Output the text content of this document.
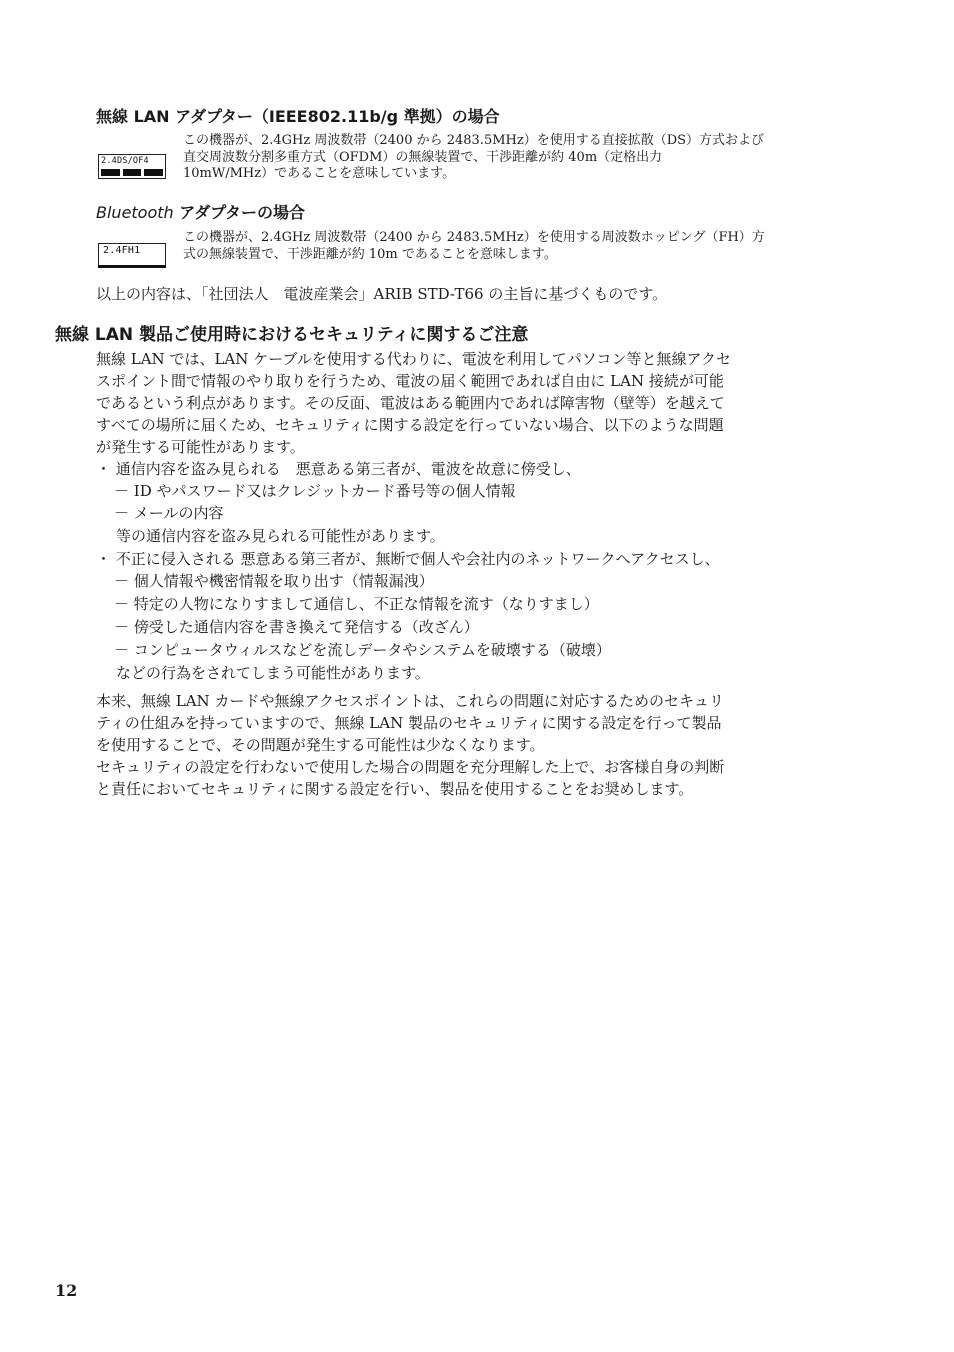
無線 LAN アダプター（IEEE802.11b/g 準拠）の場合
2.4DS/OF4
この機器が、2.4GHz 周波数帯（2400 から 2483.5MHz）を使用する直接拡散（DS）方式および
直交周波数分割多重方式（OFDM）の無線装置で、干渉距離が約 40m（定格出力
10mW/MHz）であることを意味しています。
Bluetooth アダプターの場合
2.4FH1
この機器が、2.4GHz 周波数帯（2400 から 2483.5MHz）を使用する周波数ホッピング（FH）方
式の無線装置で、干渉距離が約 10m であることを意味します。
以上の内容は、「社団法人　電波産業会」ARIB STD-T66 の主旨に基づくものです。
無線 LAN 製品ご使用時におけるセキュリティに関するご注意
無線 LAN では、LAN ケーブルを使用する代わりに、電波を利用してパソコン等と無線アクセ
スポイント間で情報のやり取りを行うため、電波の届く範囲であれば自由に LAN 接続が可能
であるという利点があります。その反面、電波はある範囲内であれば障害物（壁等）を越えて
すべての場所に届くため、セキュリティに関する設定を行っていない場合、以下のような問題
が発生する可能性があります。
・ 通信内容を盗み見られる　悪意ある第三者が、電波を故意に傍受し、
－ ID やパスワード又はクレジットカード番号等の個人情報
－ メールの内容
等の通信内容を盗み見られる可能性があります。
・ 不正に侵入される 悪意ある第三者が、無断で個人や会社内のネットワークへアクセスし、
－ 個人情報や機密情報を取り出す（情報漏洩）
－ 特定の人物になりすまして通信し、不正な情報を流す（なりすまし）
－ 傍受した通信内容を書き換えて発信する（改ざん）
－ コンピュータウィルスなどを流しデータやシステムを破壊する（破壊）
などの行為をされてしまう可能性があります。
本来、無線 LAN カードや無線アクセスポイントは、これらの問題に対応するためのセキュリ
ティの仕組みを持っていますので、無線 LAN 製品のセキュリティに関する設定を行って製品
を使用することで、その問題が発生する可能性は少なくなります。
セキュリティの設定を行わないで使用した場合の問題を充分理解した上で、お客様自身の判断
と責任においてセキュリティに関する設定を行い、製品を使用することをお奨めします。
12
